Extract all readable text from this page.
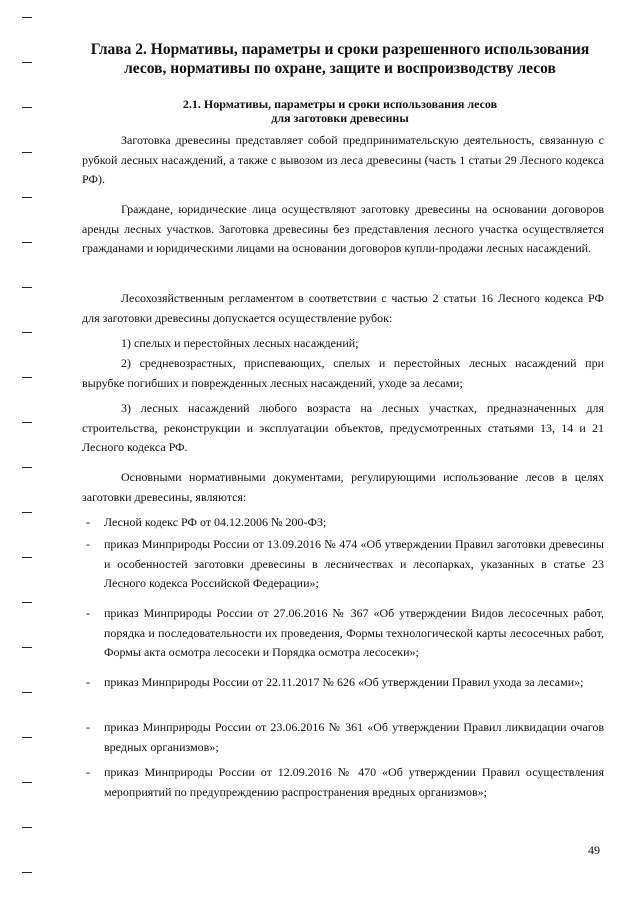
Глава 2. Нормативы, параметры и сроки разрешенного использования
лесов, нормативы по охране, защите и воспроизводству лесов
2.1. Нормативы, параметры и сроки использования лесов
для заготовки древесины

Заготовка древесины представляет собой предпринимательскую деятельность, связанную с рубкой лесных насаждений, а также с вывозом из леса древесины (часть 1 статьи 29 Лесного кодекса РФ).

Граждане, юридические лица осуществляют заготовку древесины на основании договоров аренды лесных участков. Заготовка древесины без представления лесного участка осуществляется гражданами и юридическими лицами на основании договоров купли-продажи лесных насаждений.

Лесохозяйственным регламентом в соответствии с частью 2 статьи 16 Лесного кодекса РФ для заготовки древесины допускается осуществление рубок:

1) спелых и перестойных лесных насаждений;

2) средневозрастных, приспевающих, спелых и перестойных лесных насаждений при вырубке погибших и поврежденных лесных насаждений, уходе за лесами;

3) лесных насаждений любого возраста на лесных участках, предназначенных для строительства, реконструкции и эксплуатации объектов, предусмотренных статьями 13, 14 и 21 Лесного кодекса РФ.

Основными нормативными документами, регулирующими использование лесов в целях заготовки древесины, являются:

- Лесной кодекс РФ от 04.12.2006 № 200-ФЗ;
- приказ Минприроды России от 13.09.2016 № 474 «Об утверждении Правил заготовки древесины и особенностей заготовки древесины в лесничествах и лесопарках, указанных в статье 23 Лесного кодекса Российской Федерации»;
- приказ Минприроды России от 27.06.2016 № 367 «Об утверждении Видов лесосечных работ, порядка и последовательности их проведения, Формы технологической карты лесосечных работ, Формы акта осмотра лесосеки и Порядка осмотра лесосеки»;
- приказ Минприроды России от 22.11.2017 № 626 «Об утверждении Правил ухода за лесами»;
- приказ Минприроды России от 23.06.2016 № 361 «Об утверждении Правил ликвидации очагов вредных организмов»;
- приказ Минприроды России от 12.09.2016 № 470 «Об утверждении Правил осуществления мероприятий по предупреждению распространения вредных организмов»;
49
